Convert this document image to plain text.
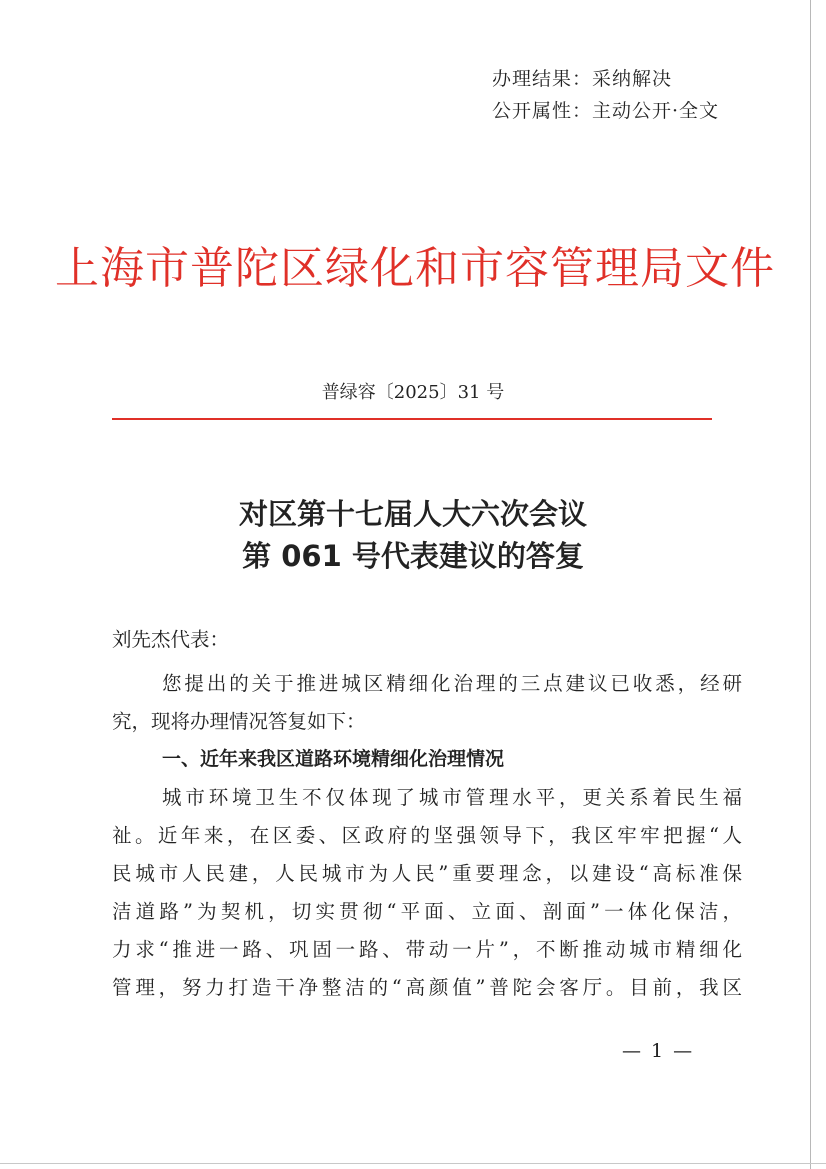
办理结果：采纳解决
公开属性：主动公开·全文
上海市普陀区绿化和市容管理局文件
普绿容〔2025〕31 号
对区第十七届人大六次会议
第 061 号代表建议的答复
刘先杰代表：
您提出的关于推进城区精细化治理的三点建议已收悉，经研
究，现将办理情况答复如下：
一、近年来我区道路环境精细化治理情况
城市环境卫生不仅体现了城市管理水平，更关系着民生福
祉。近年来，在区委、区政府的坚强领导下，我区牢牢把握“人
民城市人民建，人民城市为人民”重要理念，以建设“高标准保
洁道路”为契机，切实贯彻“平面、立面、剖面”一体化保洁，
力求“推进一路、巩固一路、带动一片”，不断推动城市精细化
管理，努力打造干净整洁的“高颜值”普陀会客厅。目前，我区
— 1 —
